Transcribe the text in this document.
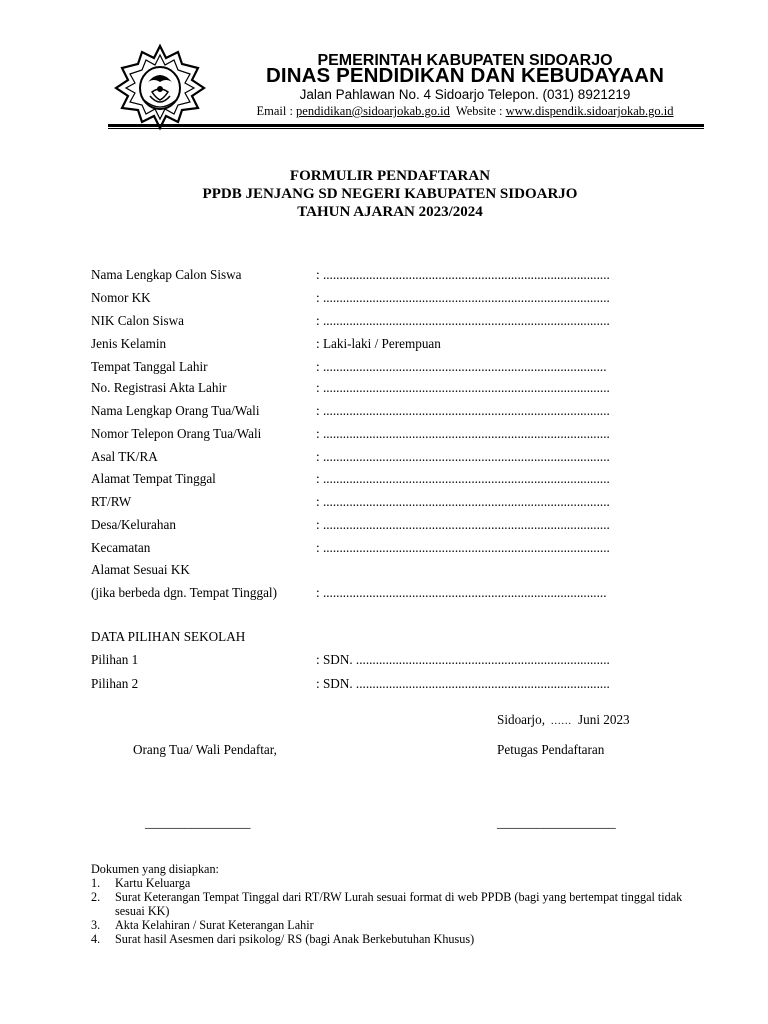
PEMERINTAH KABUPATEN SIDOARJO
DINAS PENDIDIKAN DAN KEBUDAYAAN
Jalan Pahlawan No. 4 Sidoarjo Telepon. (031) 8921219
Email : pendidikan@sidoarjokab.go.id  Website : www.dispendik.sidoarjokab.go.id
FORMULIR PENDAFTARAN
PPDB JENJANG SD NEGERI KABUPATEN SIDOARJO
TAHUN AJARAN 2023/2024
Nama Lengkap Calon Siswa	: .......................................................................................
Nomor KK	: .......................................................................................
NIK Calon Siswa	: .......................................................................................
Jenis Kelamin	: Laki-laki / Perempuan
Tempat Tanggal Lahir	: ......................................................................................
No. Registrasi Akta Lahir	: .......................................................................................
Nama Lengkap Orang Tua/Wali	: .......................................................................................
Nomor Telepon Orang Tua/Wali	: .......................................................................................
Asal TK/RA	: .......................................................................................
Alamat Tempat Tinggal	: .......................................................................................
RT/RW	: .......................................................................................
Desa/Kelurahan	: .......................................................................................
Kecamatan	: .......................................................................................
Alamat Sesuai KK
(jika berbeda dgn. Tempat Tinggal)	: ......................................................................................
DATA PILIHAN SEKOLAH
Pilihan 1	: SDN. .............................................................................
Pilihan 2	: SDN. .............................................................................
Sidoarjo, ...... Juni 2023
Orang Tua/ Wali Pendaftar,	Petugas Pendaftaran
________________	__________________
Dokumen yang disiapkan:
1. Kartu Keluarga
2. Surat Keterangan Tempat Tinggal dari RT/RW Lurah sesuai format di web PPDB (bagi yang bertempat tinggal tidak sesuai KK)
3. Akta Kelahiran / Surat Keterangan Lahir
4. Surat hasil Asesmen dari psikolog/ RS (bagi Anak Berkebutuhan Khusus)
